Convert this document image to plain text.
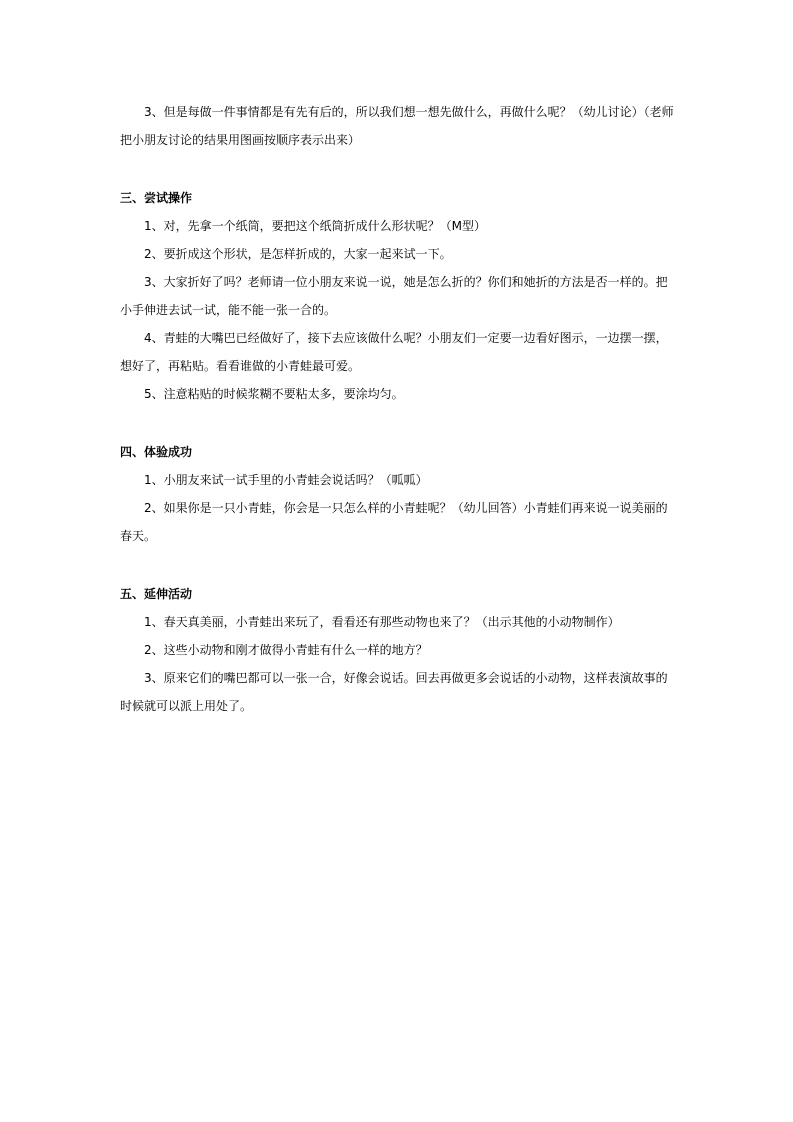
3、但是每做一件事情都是有先有后的，所以我们想一想先做什么，再做什么呢？（幼儿讨论）（老师把小朋友讨论的结果用图画按顺序表示出来）

三、尝试操作

1、对，先拿一个纸筒，要把这个纸筒折成什么形状呢？（M型）

2、要折成这个形状，是怎样折成的，大家一起来试一下。

3、大家折好了吗？老师请一位小朋友来说一说，她是怎么折的？你们和她折的方法是否一样的。把小手伸进去试一试，能不能一张一合的。

4、青蛙的大嘴巴已经做好了，接下去应该做什么呢？小朋友们一定要一边看好图示，一边摆一摆，想好了，再粘贴。看看谁做的小青蛙最可爱。

5、注意粘贴的时候浆糊不要粘太多，要涂均匀。

四、体验成功

1、小朋友来试一试手里的小青蛙会说话吗？（呱呱）

2、如果你是一只小青蛙，你会是一只怎么样的小青蛙呢？（幼儿回答）小青蛙们再来说一说美丽的春天。

五、延伸活动

1、春天真美丽，小青蛙出来玩了，看看还有那些动物也来了？（出示其他的小动物制作）

2、这些小动物和刚才做得小青蛙有什么一样的地方？

3、原来它们的嘴巴都可以一张一合，好像会说话。回去再做更多会说话的小动物，这样表演故事的时候就可以派上用处了。
